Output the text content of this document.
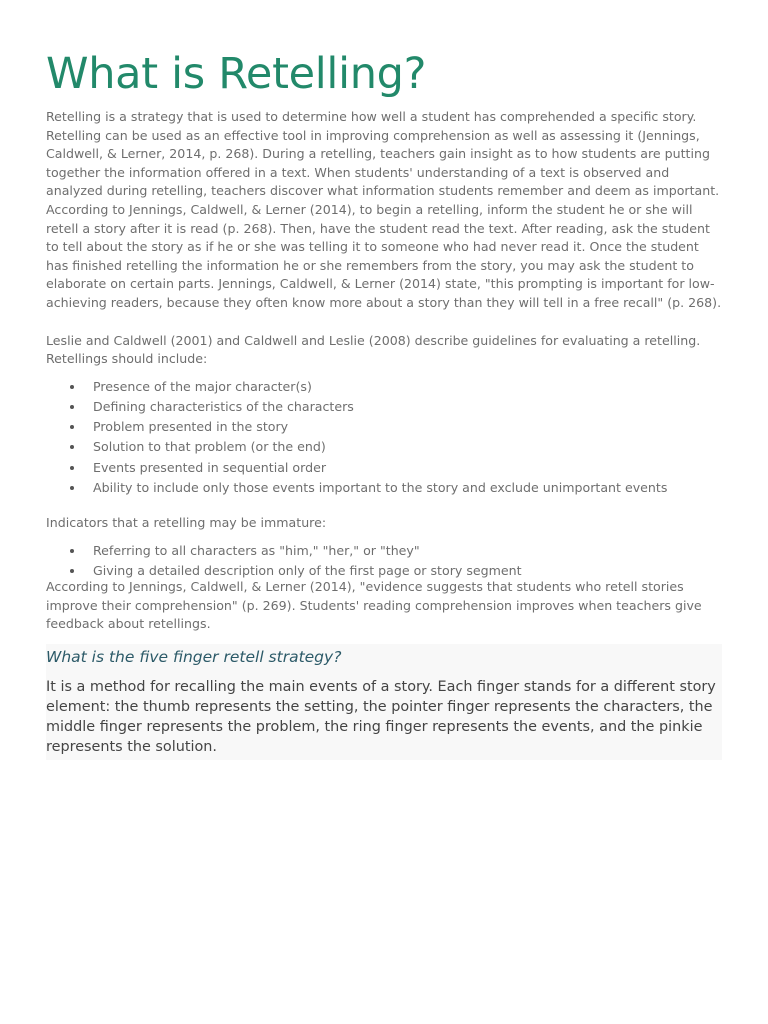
What is Retelling?

Retelling is a strategy that is used to determine how well a student has comprehended a specific story. Retelling can be used as an effective tool in improving comprehension as well as assessing it (Jennings, Caldwell, & Lerner, 2014, p. 268). During a retelling, teachers gain insight as to how students are putting together the information offered in a text. When students' understanding of a text is observed and analyzed during retelling, teachers discover what information students remember and deem as important. According to Jennings, Caldwell, & Lerner (2014), to begin a retelling, inform the student he or she will retell a story after it is read (p. 268). Then, have the student read the text. After reading, ask the student to tell about the story as if he or she was telling it to someone who had never read it. Once the student has finished retelling the information he or she remembers from the story, you may ask the student to elaborate on certain parts. Jennings, Caldwell, & Lerner (2014) state, "this prompting is important for low-achieving readers, because they often know more about a story than they will tell in a free recall" (p. 268).

Leslie and Caldwell (2001) and Caldwell and Leslie (2008) describe guidelines for evaluating a retelling. Retellings should include:

Presence of the major character(s)
Defining characteristics of the characters
Problem presented in the story
Solution to that problem (or the end)
Events presented in sequential order
Ability to include only those events important to the story and exclude unimportant events

Indicators that a retelling may be immature:

Referring to all characters as "him," "her," or "they"
Giving a detailed description only of the first page or story segment

According to Jennings, Caldwell, & Lerner (2014), "evidence suggests that students who retell stories improve their comprehension" (p. 269). Students' reading comprehension improves when teachers give feedback about retellings.

What is the five finger retell strategy?

It is a method for recalling the main events of a story. Each finger stands for a different story element: the thumb represents the setting, the pointer finger represents the characters, the middle finger represents the problem, the ring finger represents the events, and the pinkie represents the solution.
